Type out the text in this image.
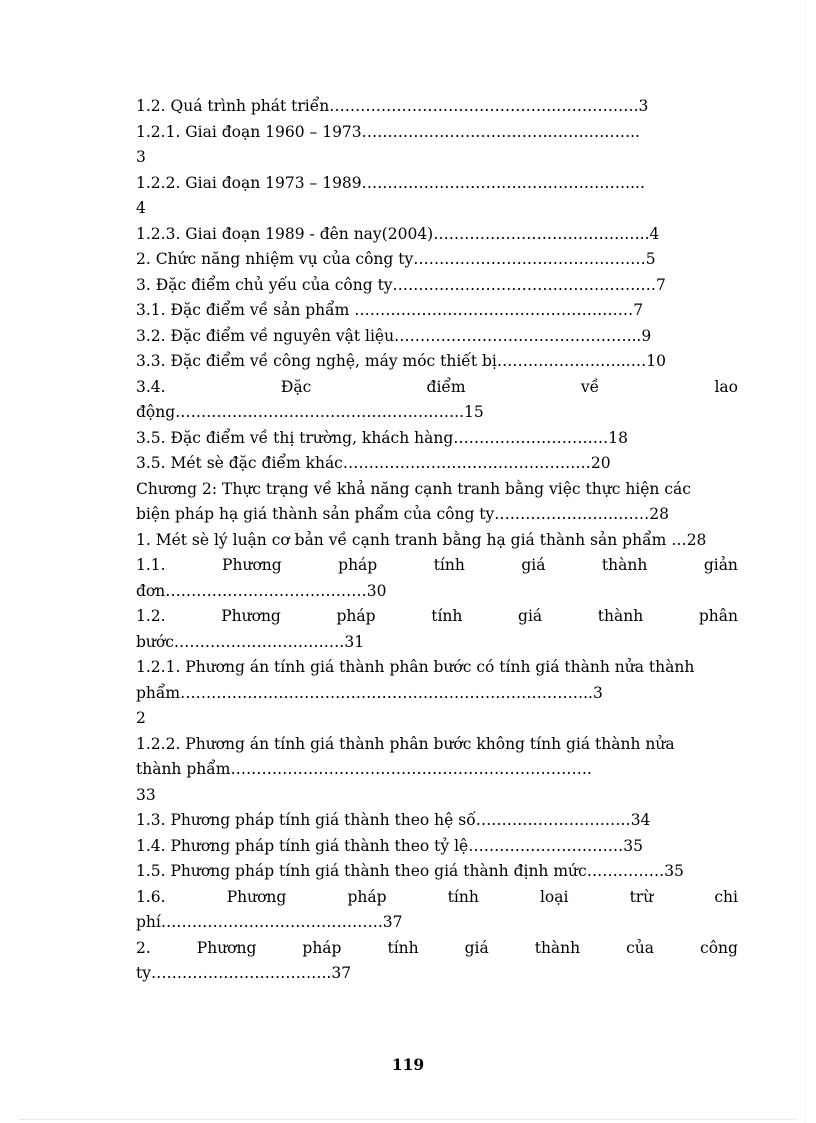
1.2. Quá trình phát triển……………………………………..…………….3
1.2.1. Giai đoạn 1960 – 1973……………………………….……………..
3
1.2.2. Giai đoạn 1973 – 1989……………………………………………....
4
1.2.3. Giai đoạn 1989 - đên nay(2004)……………………………….…..4
2. Chức năng nhiệm vụ của công ty………………………………………5
3. Đặc điểm chủ yếu của công ty……………………………………………7
3.1. Đặc điểm về sản phẩm ………………………………………………7
3.2. Đặc điểm về nguyên vật liệu………………………………………...9
3.3. Đặc điểm về công nghệ, máy móc thiết bị……………………..…10
3.4.	Đặc	điểm	về	lao
động………………………………………………..15
3.5. Đặc điểm về thị trường, khách hàng…………………………18
3.5. Mét sè đặc điểm khác…………………………………………20
Chương 2: Thực trạng về khả năng cạnh tranh bằng việc thực hiện các
biện pháp hạ giá thành sản phẩm của công ty…………………………28
1. Mét sè lý luận cơ bản về cạnh tranh bằng hạ giá thành sản phẩm …28
1.1.	Phương	pháp	tính	giá	thành	giản
đơn…………………………………30
1.2.	Phương	pháp	tính	giá	thành	phân
bước……………………………31
1.2.1. Phương án tính giá thành phân bước có tính giá thành nửa thành
phẩm……………………………………………………………………..3
2
1.2.2. Phương án tính giá thành phân bước không tính giá thành nửa
thành phẩm…………………………………………………………….
33
1.3. Phương pháp tính giá thành theo hệ số…………………………34
1.4. Phương pháp tính giá thành theo tỷ lệ…………………………35
1.5. Phương pháp tính giá thành theo giá thành định mức……………35
1.6.	Phương	pháp	tính	loại	trừ	chi
phí…………………………………….37
2.	Phương	pháp	tính	giá	thành	của	công
ty……………………………..37
119
